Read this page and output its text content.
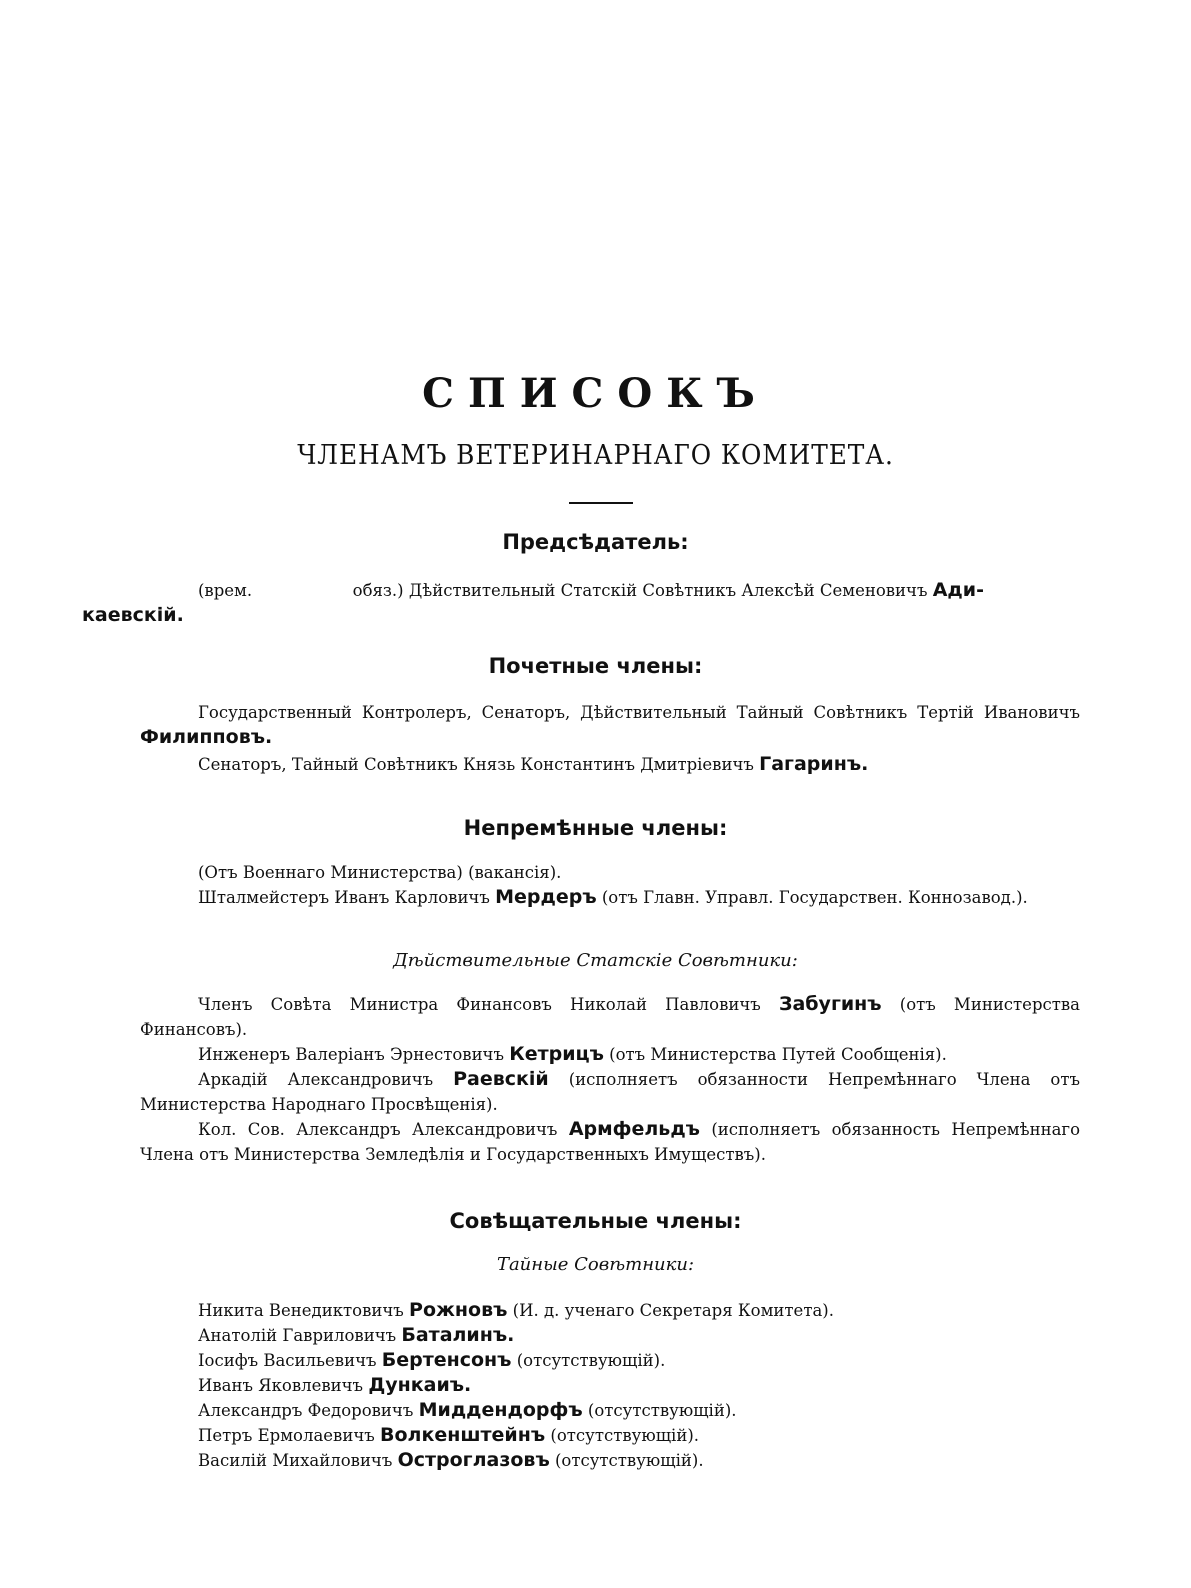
СПИСОКЪ
ЧЛЕНАМЪ ВЕТЕРИНАРНАГО КОМИТЕТА.
Предсѣдатель:

(врем.	обяз.) Дѣйствительный Статскій Совѣтникъ Алексѣй Семеновичъ Ади-
каевскій.

Почетные члены:

Государственный Контролеръ, Сенаторъ, Дѣйствительный Тайный Совѣтникъ Тертій Ивановичъ Филипповъ.

Сенаторъ, Тайный Совѣтникъ Князь Константинъ Дмитріевичъ Гагаринъ.

Непремѣнные члены:

(Отъ Военнаго Министерства) (вакансія).

Шталмейстеръ Иванъ Карловичъ Мердеръ (отъ Главн. Управл. Государствен. Коннозавод.).

Дѣйствительные Статскіе Совѣтники:

Членъ Совѣта Министра Финансовъ Николай Павловичъ Забугинъ (отъ Министерства Финансовъ).

Инженеръ Валеріанъ Эрнестовичъ Кетрицъ (отъ Министерства Путей Сообщенія).

Аркадій Александровичъ Раевскій (исполняетъ обязанности Непремѣннаго Члена отъ Министерства Народнаго Просвѣщенія).

Кол. Сов. Александръ Александровичъ Армфельдъ (исполняетъ обязанность Непремѣннаго Члена отъ Министерства Земледѣлія и Государственныхъ Имуществъ).

Совѣщательные члены:
Тайные Совѣтники:

Никита Венедиктовичъ Рожновъ (И. д. ученаго Секретаря Комитета).

Анатолій Гавриловичъ Баталинъ.

Іосифъ Васильевичъ Бертенсонъ (отсутствующій).

Иванъ Яковлевичъ Дункаиъ.

Александръ Федоровичъ Миддендорфъ (отсутствующій).

Петръ Ермолаевичъ Волкенштейнъ (отсутствующій).

Василій Михайловичъ Остроглазовъ (отсутствующій).
